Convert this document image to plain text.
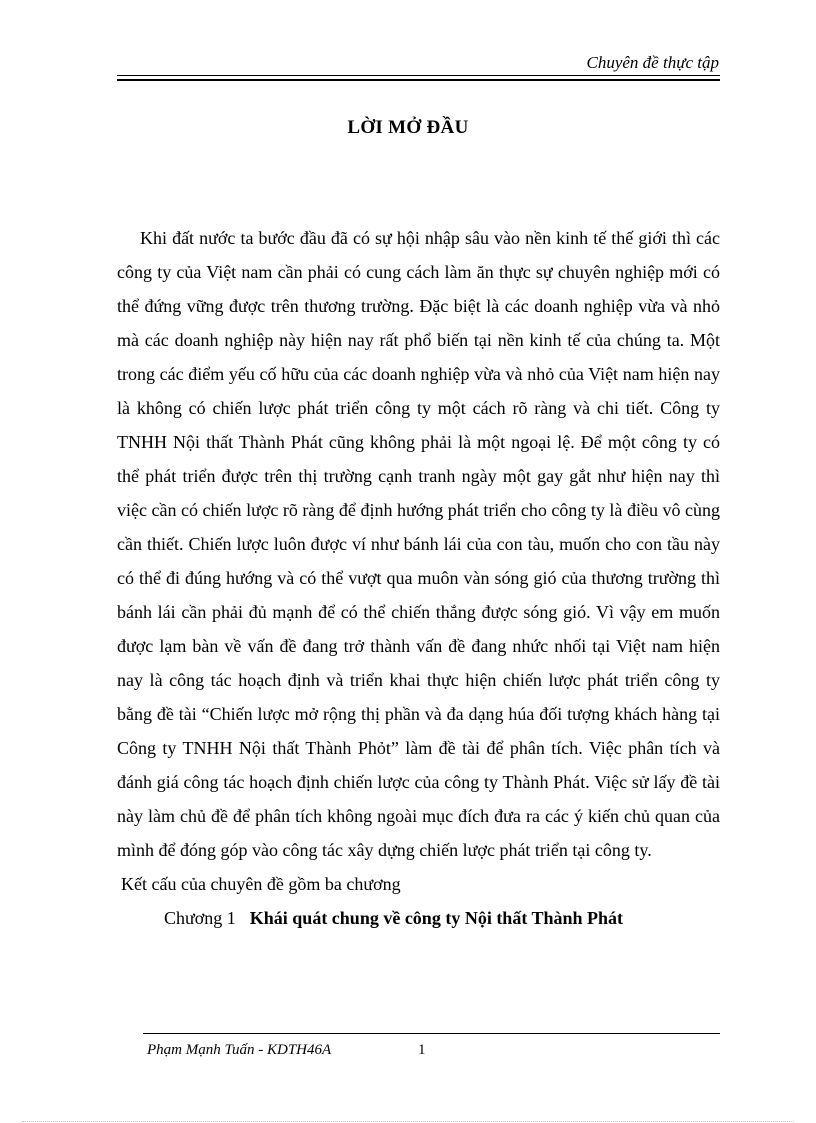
Chuyên đề thực tập
LỜI MỞ ĐẦU

Khi đất nước ta bước đầu đã có sự hội nhập sâu vào nền kinh tế thế giới thì các công ty của Việt nam cần phải có cung cách làm ăn thực sự chuyên nghiệp mới có thể đứng vững được trên thương trường. Đặc biệt là các doanh nghiệp vừa và nhỏ mà các doanh nghiệp này hiện nay rất phổ biến tại nền kinh tế của chúng ta. Một trong các điểm yếu cố hữu của các doanh nghiệp vừa và nhỏ của Việt nam hiện nay là không có chiến lược phát triển công ty một cách rõ ràng và chi tiết. Công ty TNHH Nội thất Thành Phát cũng không phải là một ngoại lệ. Để một công ty có thể phát triển được trên thị trường cạnh tranh ngày một gay gắt như hiện nay thì việc cần có chiến lược rõ ràng để định hướng phát triển cho công ty là điều vô cùng cần thiết. Chiến lược luôn được ví như bánh lái của con tàu, muốn cho con tầu này có thể đi đúng hướng và có thể vượt qua muôn vàn sóng gió của thương trường thì bánh lái cần phải đủ mạnh để có thể chiến thắng được sóng gió. Vì vậy em muốn được lạm bàn về vấn đề đang trở thành vấn đề đang nhức nhối tại Việt nam hiện nay là công tác hoạch định và triển khai thực hiện chiến lược phát triển công ty bằng đề tài “Chiến lược mở rộng thị phần và đa dạng húa đối tượng khách hàng tại Công ty TNHH Nội thất Thành Phỏt” làm đề tài để phân tích. Việc phân tích và đánh giá công tác hoạch định chiến lược của công ty Thành Phát. Việc sử lấy đề tài này làm chủ đề để phân tích không ngoài mục đích đưa ra các ý kiến chủ quan của mình để đóng góp vào công tác xây dựng chiến lược phát triển tại công ty.

Kết cấu của chuyên đề gồm ba chương

Chương 1 Khái quát chung về công ty Nội thất Thành Phát

Phạm Mạnh Tuấn - KDTH46A	1
